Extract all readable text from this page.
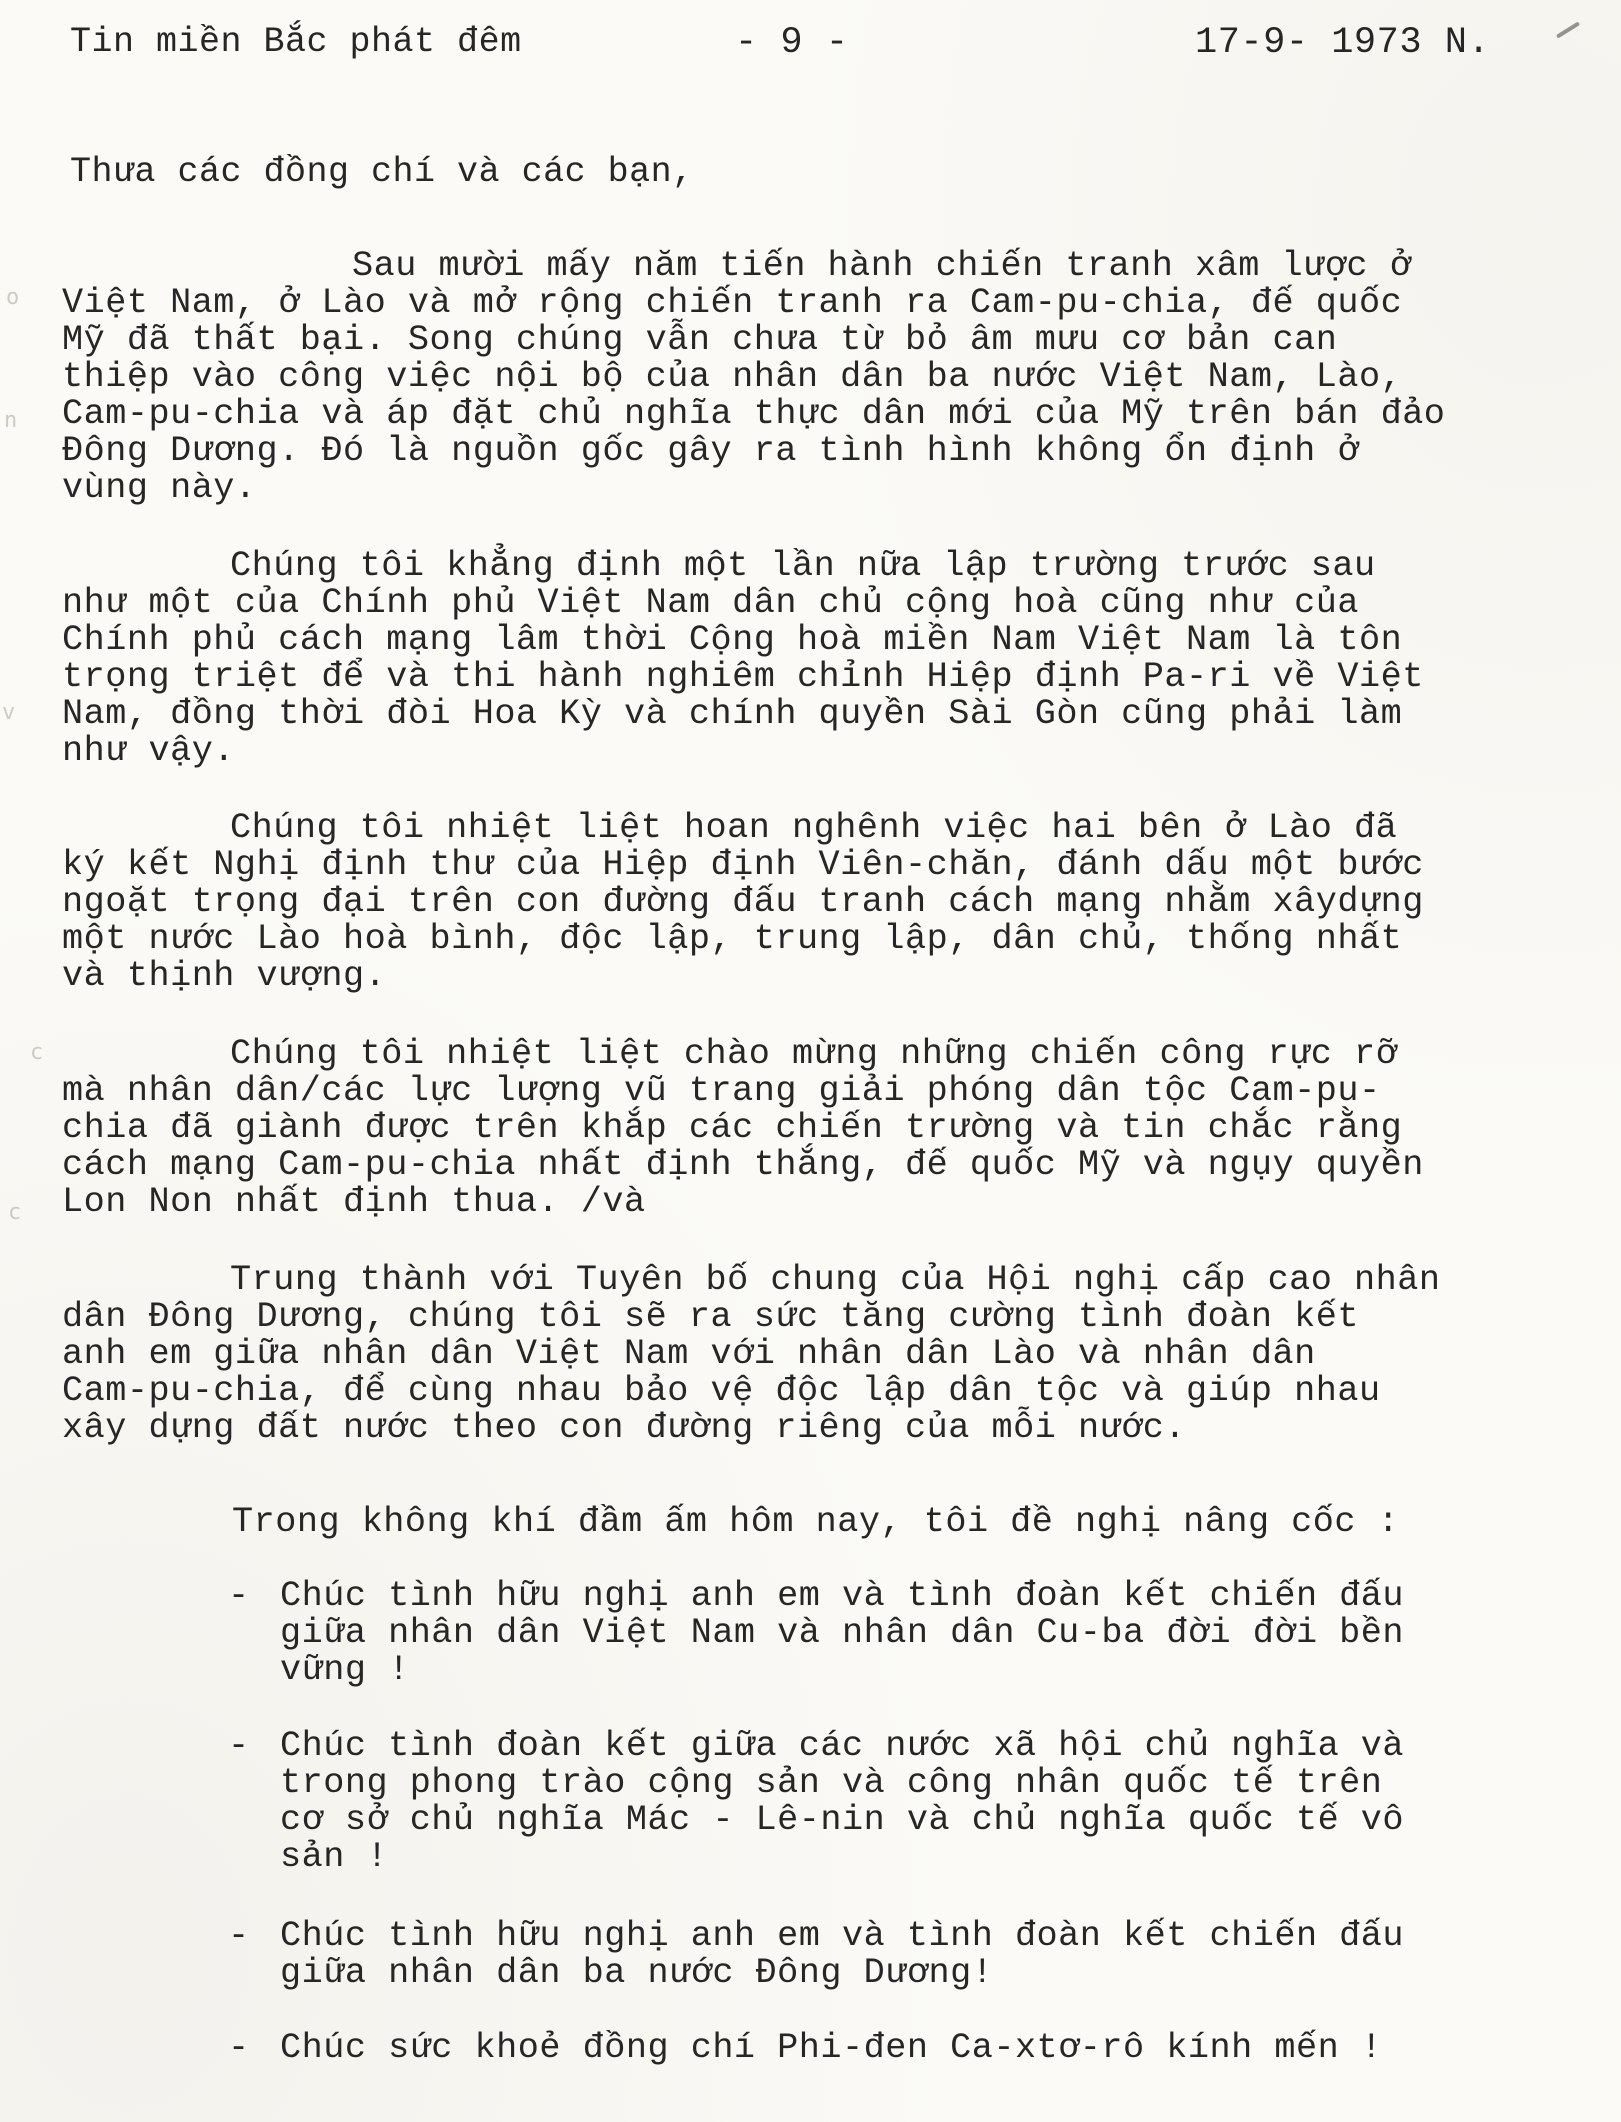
o
n
v
c
c
Tin miền Bắc phát đêm	- 9 -	17-9- 1973 N.
Thưa các đồng chí và các bạn,
Sau mười mấy năm tiến hành chiến tranh xâm lược ở
Việt Nam, ở Lào và mở rộng chiến tranh ra Cam-pu-chia, đế quốc
Mỹ đã thất bại. Song chúng vẫn chưa từ bỏ âm mưu cơ bản can
thiệp vào công việc nội bộ của nhân dân ba nước Việt Nam, Lào,
Cam-pu-chia và áp đặt chủ nghĩa thực dân mới của Mỹ trên bán đảo
Đông Dương. Đó là nguồn gốc gây ra tình hình không ổn định ở
vùng này.
Chúng tôi khẳng định một lần nữa lập trường trước sau
như một của Chính phủ Việt Nam dân chủ cộng hoà cũng như của
Chính phủ cách mạng lâm thời Cộng hoà miền Nam Việt Nam là tôn
trọng triệt để và thi hành nghiêm chỉnh Hiệp định Pa-ri về Việt
Nam, đồng thời đòi Hoa Kỳ và chính quyền Sài Gòn cũng phải làm
như vậy.
Chúng tôi nhiệt liệt hoan nghênh việc hai bên ở Lào đã
ký kết Nghị định thư của Hiệp định Viên-chăn, đánh dấu một bước
ngoặt trọng đại trên con đường đấu tranh cách mạng nhằm xâydựng
một nước Lào hoà bình, độc lập, trung lập, dân chủ, thống nhất
và thịnh vượng.
Chúng tôi nhiệt liệt chào mừng những chiến công rực rỡ
mà nhân dân/các lực lượng vũ trang giải phóng dân tộc Cam-pu-
chia đã giành được trên khắp các chiến trường và tin chắc rằng
cách mạng Cam-pu-chia nhất định thắng, đế quốc Mỹ và ngụy quyền
Lon Non nhất định thua. /và
Trung thành với Tuyên bố chung của Hội nghị cấp cao nhân
dân Đông Dương, chúng tôi sẽ ra sức tăng cường tình đoàn kết
anh em giữa nhân dân Việt Nam với nhân dân Lào và nhân dân
Cam-pu-chia, để cùng nhau bảo vệ độc lập dân tộc và giúp nhau
xây dựng đất nước theo con đường riêng của mỗi nước.
Trong không khí đầm ấm hôm nay, tôi đề nghị nâng cốc :
- Chúc tình hữu nghị anh em và tình đoàn kết chiến đấu
giữa nhân dân Việt Nam và nhân dân Cu-ba đời đời bền
vững !
- Chúc tình đoàn kết giữa các nước xã hội chủ nghĩa và
trong phong trào cộng sản và công nhân quốc tế trên
cơ sở chủ nghĩa Mác - Lê-nin và chủ nghĩa quốc tế vô
sản !
- Chúc tình hữu nghị anh em và tình đoàn kết chiến đấu
giữa nhân dân ba nước Đông Dương!
- Chúc sức khoẻ đồng chí Phi-đen Ca-xtơ-rô kính mến !
